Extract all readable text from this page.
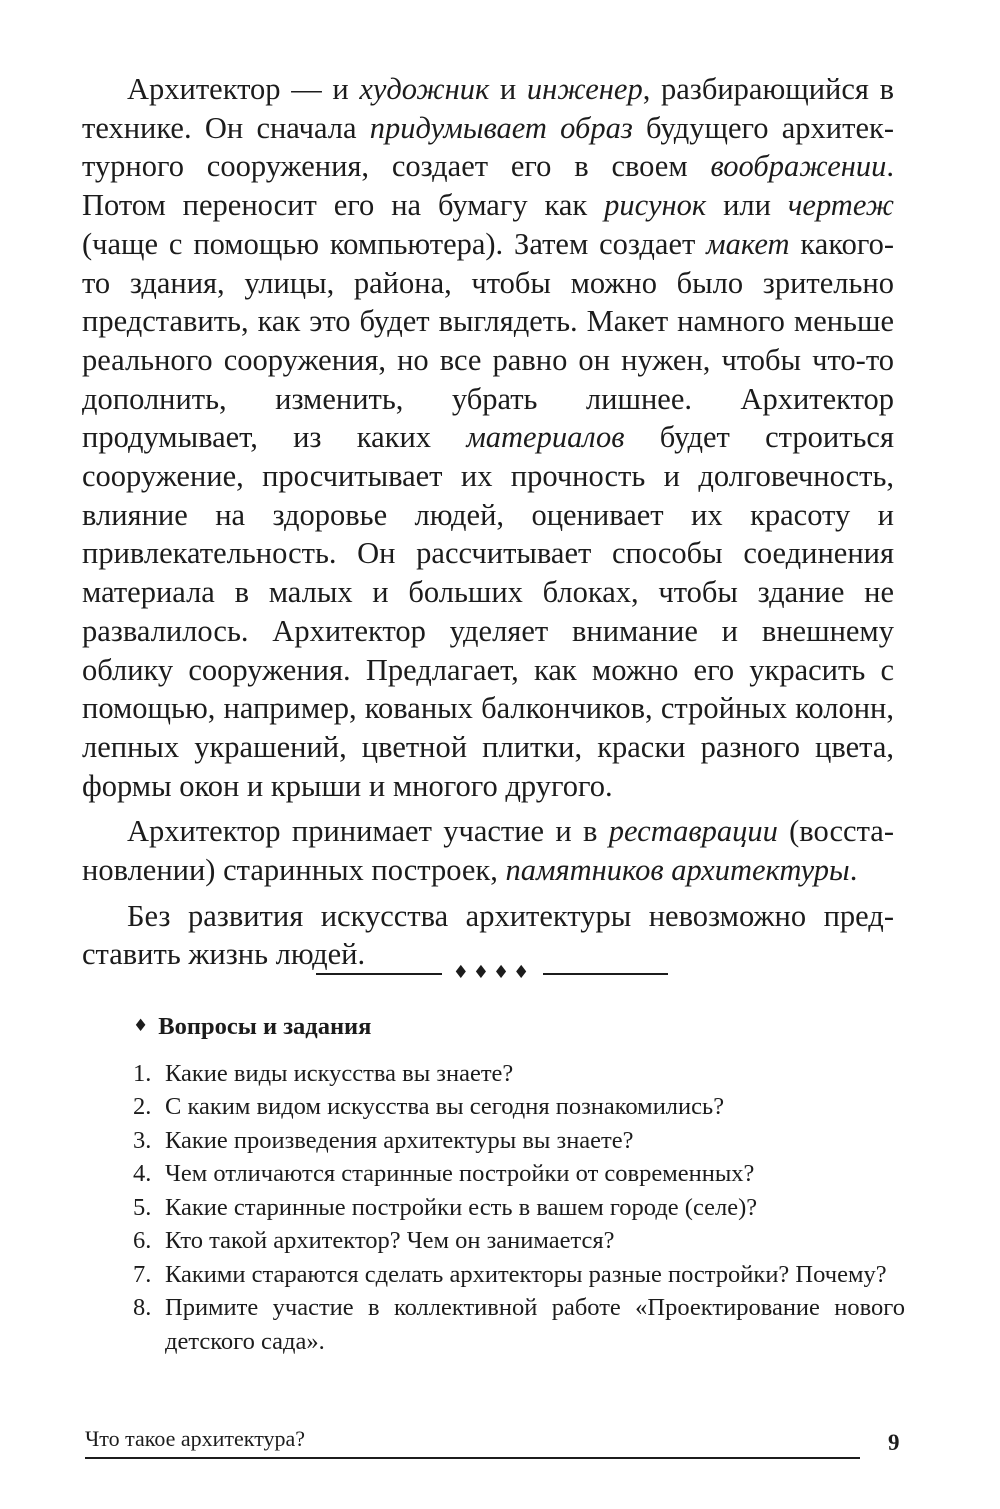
Архитектор — и художник и инженер, разбирающийся в технике. Он сначала придумывает образ будущего архитектурного сооружения, создает его в своем воображении. Потом переносит его на бумагу как рисунок или чертеж (чаще с помощью компьютера). Затем создает макет какого-то здания, улицы, района, чтобы можно было зрительно представить, как это будет выглядеть. Макет намного меньше реального сооружения, но все равно он нужен, чтобы что-то дополнить, изменить, убрать лишнее. Архитектор продумывает, из каких материалов будет строиться сооружение, просчитывает их прочность и долговечность, влияние на здоровье людей, оценивает их красоту и привлекательность. Он рассчитывает способы соединения материала в малых и больших блоках, чтобы здание не развалилось. Архитектор уделяет внимание и внешнему облику сооружения. Предлагает, как можно его украсить с помощью, например, кованых балкончиков, стройных колонн, лепных украшений, цветной плитки, краски разного цвета, формы окон и крыши и многого другого.

Архитектор принимает участие и в реставрации (восстановлении) старинных построек, памятников архитектуры.

Без развития искусства архитектуры невозможно представить жизнь людей.

♦♦♦♦
♦ Вопросы и задания
1. Какие виды искусства вы знаете?
2. С каким видом искусства вы сегодня познакомились?
3. Какие произведения архитектуры вы знаете?
4. Чем отличаются старинные постройки от современных?
5. Какие старинные постройки есть в вашем городе (селе)?
6. Кто такой архитектор? Чем он занимается?
7. Какими стараются сделать архитекторы разные постройки? Почему?
8. Примите участие в коллективной работе «Проектирование нового детского сада».
Что такое архитектура?	9
